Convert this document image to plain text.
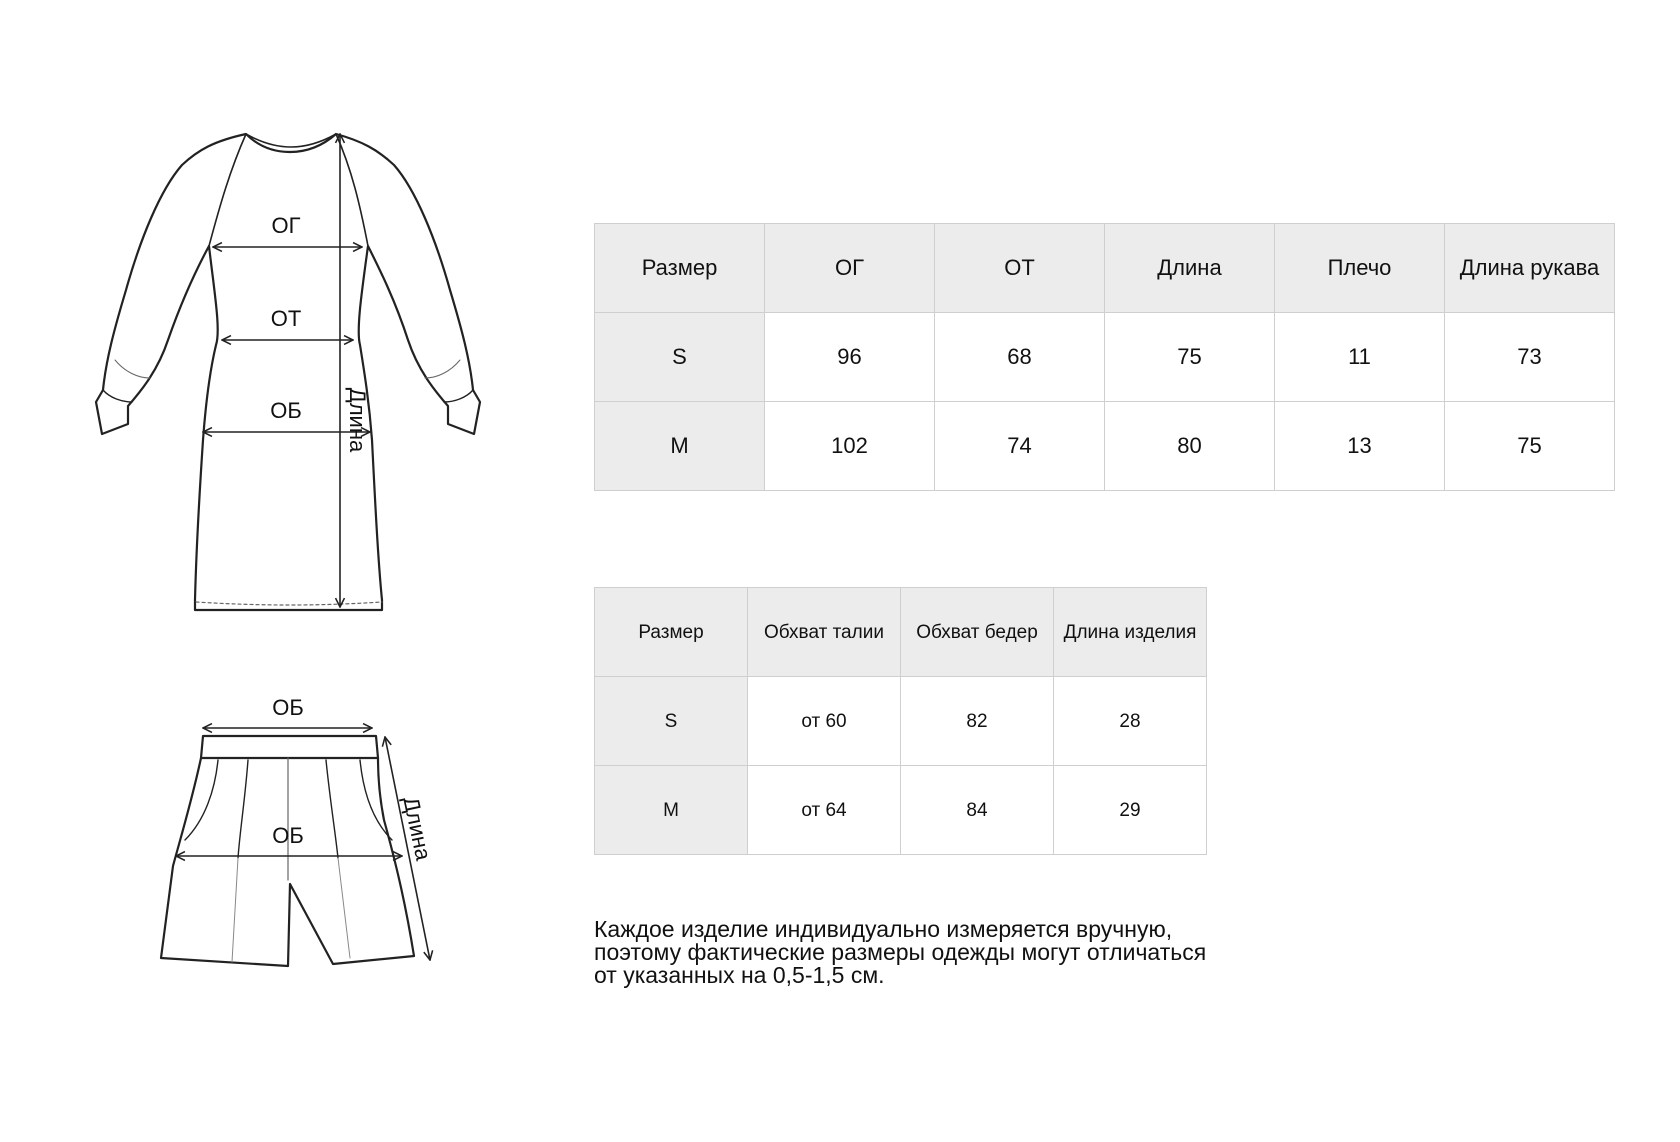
ОГ
ОТ
ОБ Длина
ОБ
ОБ	Длина
Размер	ОГ	ОТ	Длина	Плечо	Длина рукава
S	96	68	75	11	73
M	102	74	80	13	75
Размер	Обхват талии	Обхват бедер	Длина изделия
S	от 60	82	28
M	от 64	84	29

Каждое изделие индивидуально измеряется вручную,
поэтому фактические размеры одежды могут отличаться
от указанных на 0,5-1,5 см.
